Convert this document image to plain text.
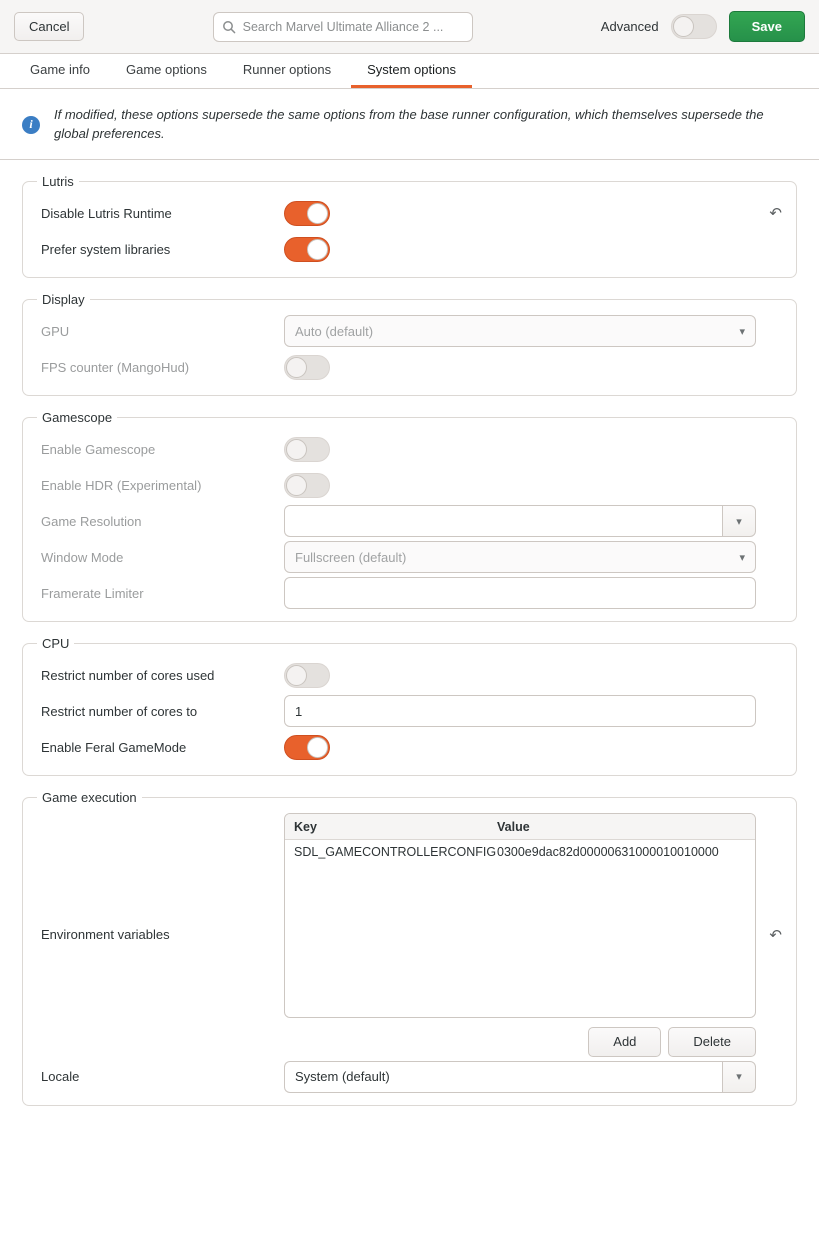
Cancel	Search Marvel Ultimate Alliance 2 ...	Advanced	Save
Game info	Game options	Runner options	System options
i
If modified, these options supersede the same options from the base runner configuration, which themselves supersede the global preferences.
Lutris
Disable Lutris Runtime	↶
Prefer system libraries
Display
GPU	Auto (default)	▾
FPS counter (MangoHud)
Gamescope
Enable Gamescope
Enable HDR (Experimental)
Game Resolution	▾
Window Mode	Fullscreen (default)	▾
Framerate Limiter
CPU
Restrict number of cores used
Restrict number of cores to	1
Enable Feral GameMode
Game execution
Environment variables
Key	Value
SDL_GAMECONTROLLERCONFIG 0300e9dac82d00000631000010010000
Add	Delete
↶
Locale	System (default)	▾
